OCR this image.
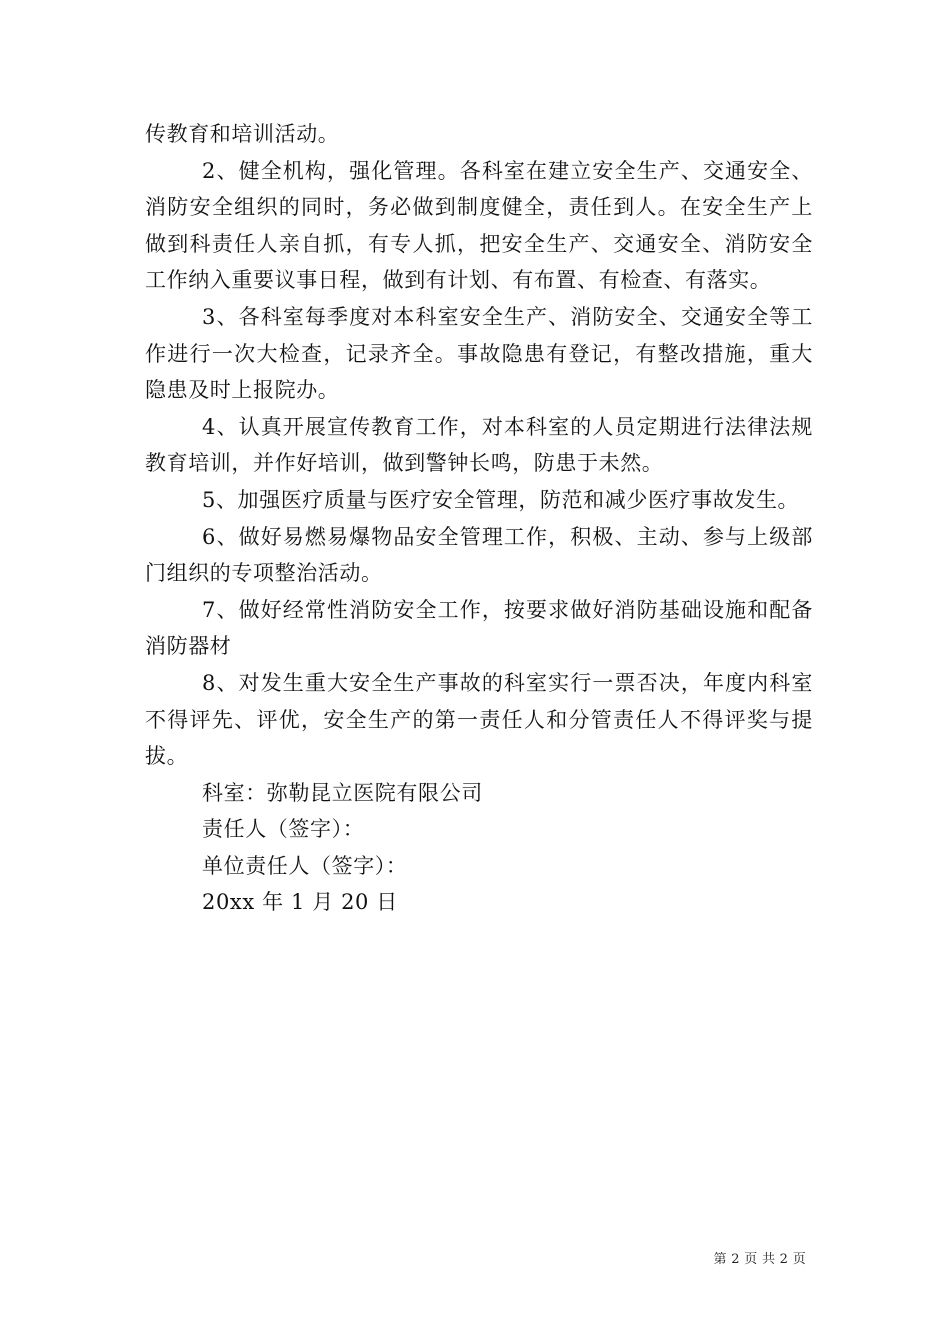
传教育和培训活动。

2、健全机构，强化管理。各科室在建立安全生产、交通安全、消防安全组织的同时，务必做到制度健全，责任到人。在安全生产上做到科责任人亲自抓，有专人抓，把安全生产、交通安全、消防安全工作纳入重要议事日程，做到有计划、有布置、有检查、有落实。

3、各科室每季度对本科室安全生产、消防安全、交通安全等工作进行一次大检查，记录齐全。事故隐患有登记，有整改措施，重大隐患及时上报院办。

4、认真开展宣传教育工作，对本科室的人员定期进行法律法规教育培训，并作好培训，做到警钟长鸣，防患于未然。

5、加强医疗质量与医疗安全管理，防范和减少医疗事故发生。

6、做好易燃易爆物品安全管理工作，积极、主动、参与上级部门组织的专项整治活动。

7、做好经常性消防安全工作，按要求做好消防基础设施和配备消防器材

8、对发生重大安全生产事故的科室实行一票否决，年度内科室不得评先、评优，安全生产的第一责任人和分管责任人不得评奖与提拔。

科室：弥勒昆立医院有限公司

责任人（签字）：

单位责任人（签字）：

20xx 年 1 月 20 日

第 2 页 共 2 页
